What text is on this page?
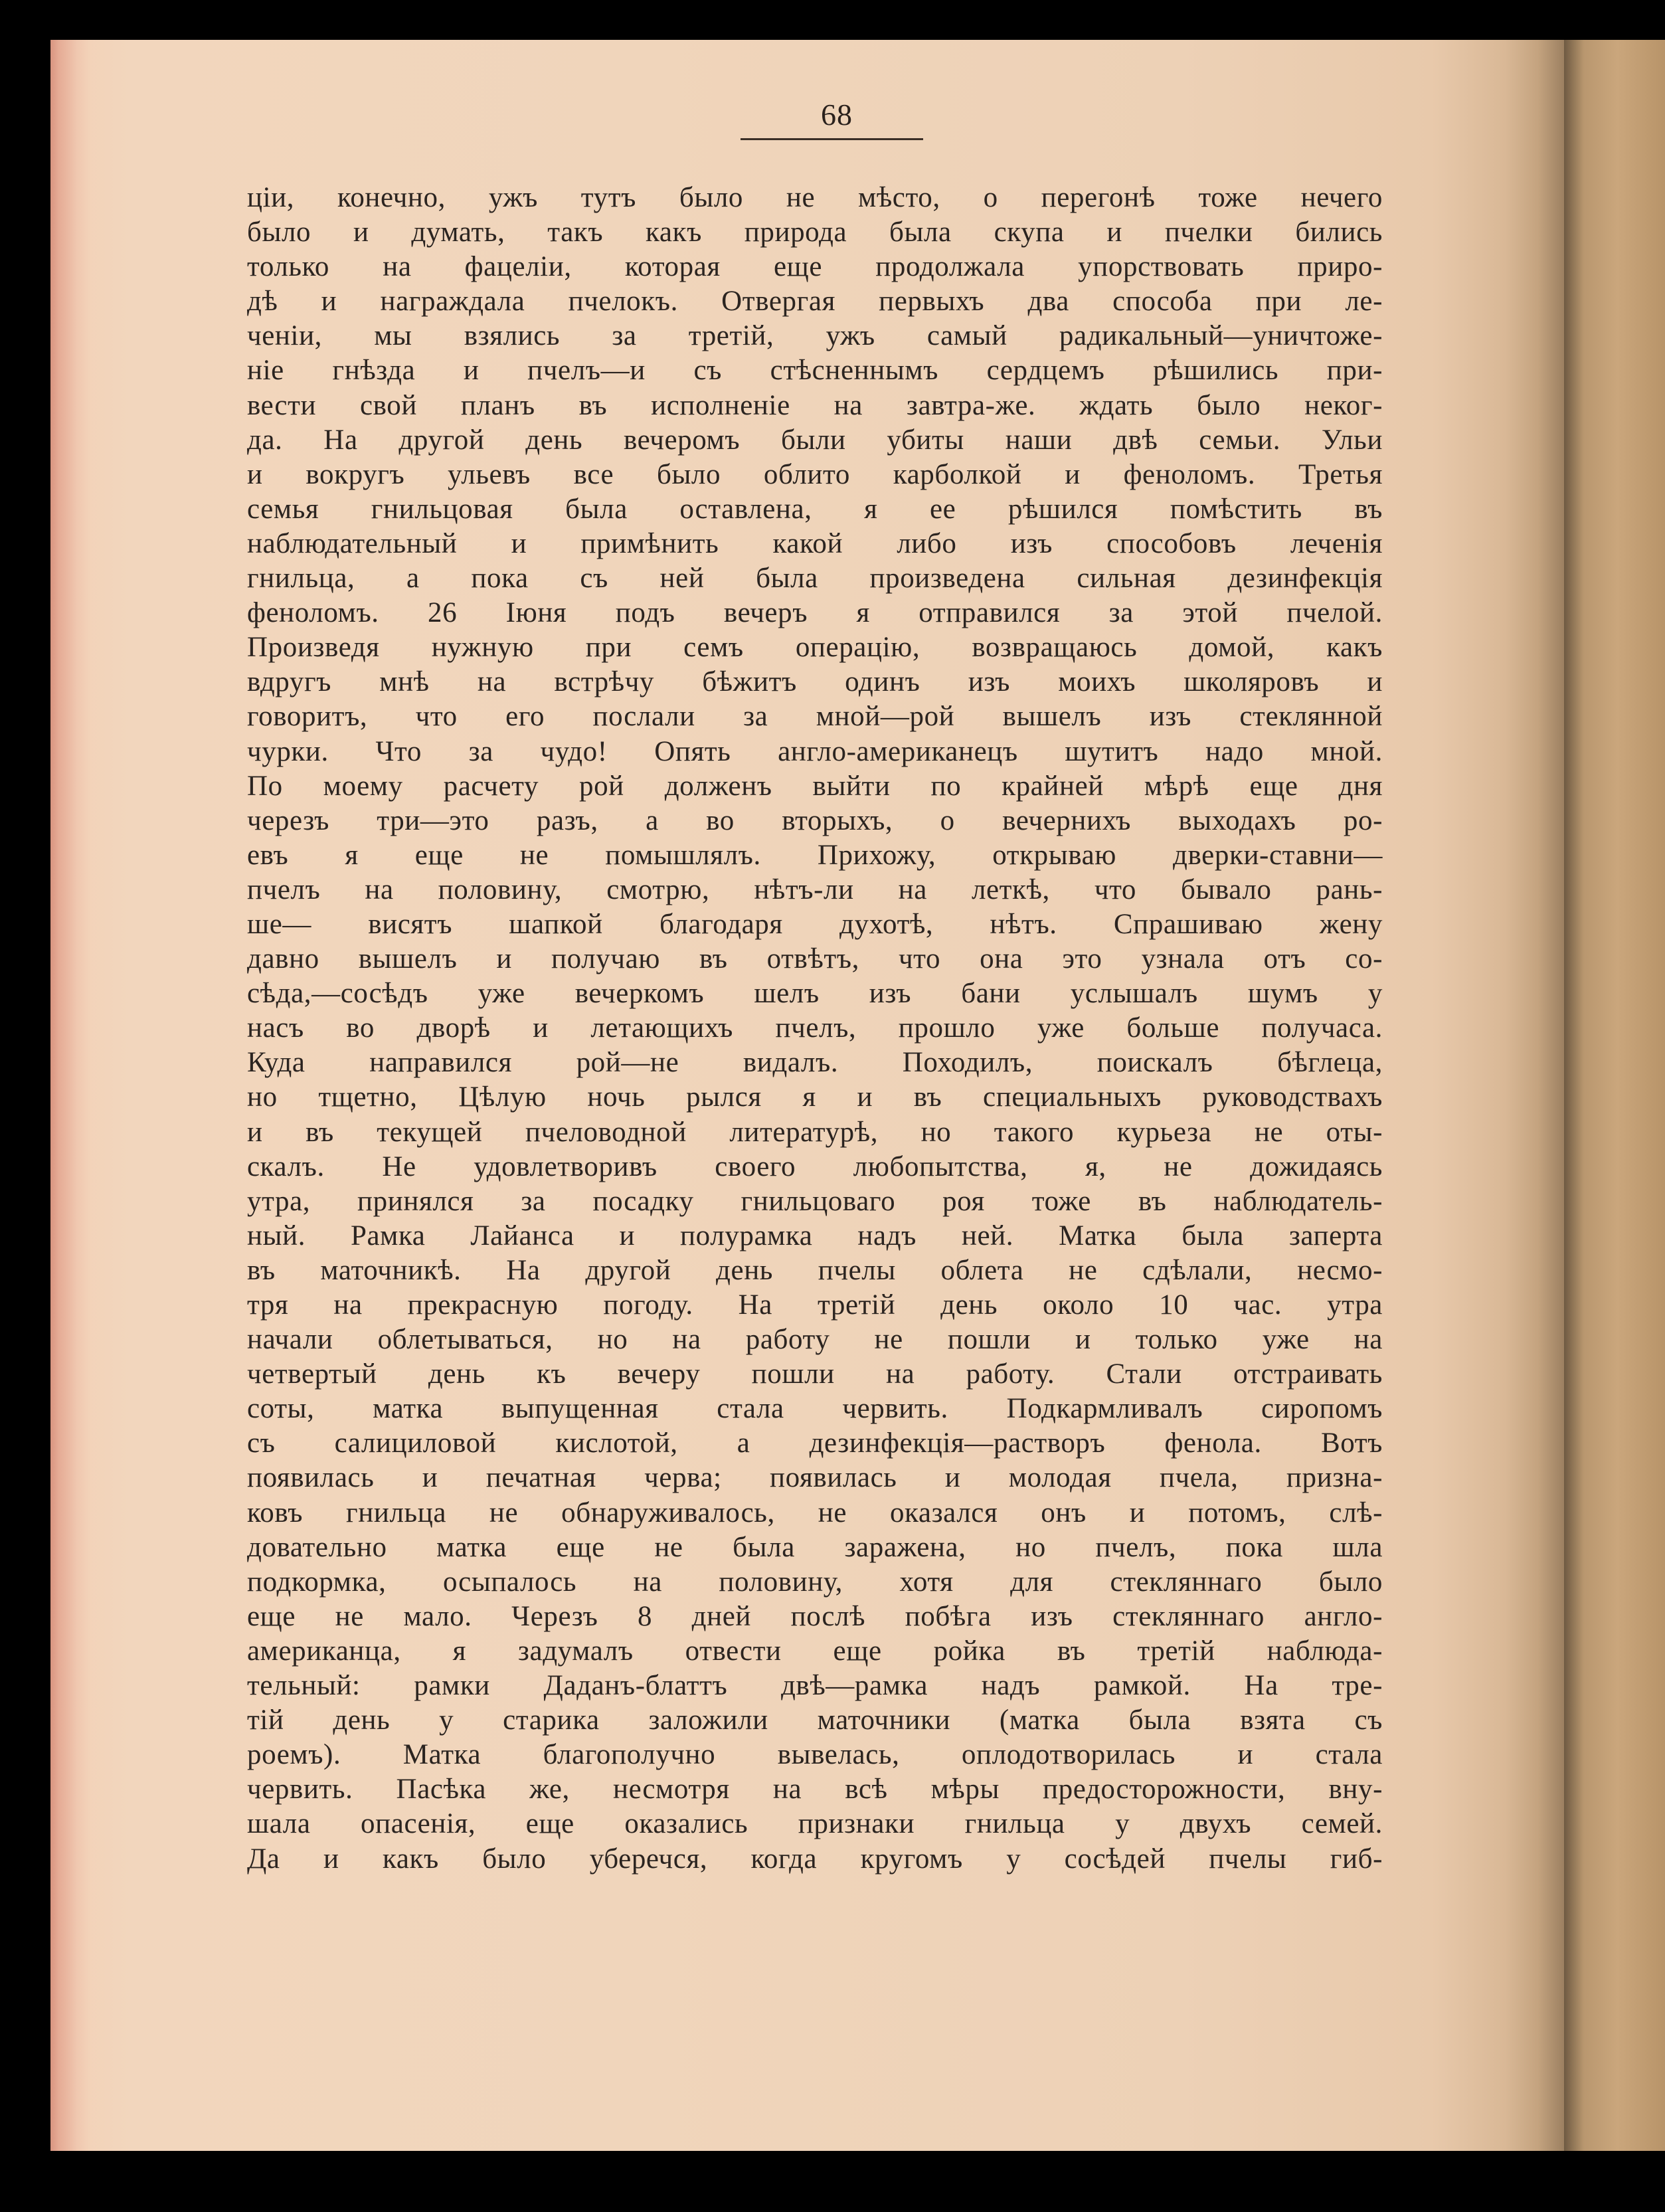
68
ціи, конечно, ужъ тутъ было не мѣсто, о перегонѣ тоже нечего
было и думать, такъ какъ природа была скупа и пчелки бились
только на фацеліи, которая еще продолжала упорствовать приро-
дѣ и награждала пчелокъ. Отвергая первыхъ два способа при ле-
ченіи, мы взялись за третій, ужъ самый радикальный—уничтоже-
ніе гнѣзда и пчелъ—и съ стѣсненнымъ сердцемъ рѣшились при-
вести свой планъ въ исполненіе на завтра-же. ждать было неког-
да. На другой день вечеромъ были убиты наши двѣ семьи. Ульи
и вокругъ ульевъ все было облито карболкой и феноломъ. Третья
семья гнильцовая была оставлена, я ее рѣшился помѣстить въ
наблюдательный и примѣнить какой либо изъ способовъ леченія
гнильца, а пока съ ней была произведена сильная дезинфекція
феноломъ. 26 Іюня подъ вечеръ я отправился за этой пчелой.
Произведя нужную при семъ операцію, возвращаюсь домой, какъ
вдругъ мнѣ на встрѣчу бѣжитъ одинъ изъ моихъ школяровъ и
говоритъ, что его послали за мной—рой вышелъ изъ стеклянной
чурки. Что за чудо! Опять англо-американецъ шутитъ надо мной.
По моему расчету рой долженъ выйти по крайней мѣрѣ еще дня
черезъ три—это разъ, а во вторыхъ, о вечернихъ выходахъ ро-
евъ я еще не помышлялъ. Прихожу, открываю дверки-ставни—
пчелъ на половину, смотрю, нѣтъ-ли на леткѣ, что бывало рань-
ше— висятъ шапкой благодаря духотѣ, нѣтъ. Спрашиваю жену
давно вышелъ и получаю въ отвѣтъ, что она это узнала отъ со-
сѣда,—сосѣдъ уже вечеркомъ шелъ изъ бани услышалъ шумъ у
насъ во дворѣ и летающихъ пчелъ, прошло уже больше получаса.
Куда направился рой—не видалъ. Походилъ, поискалъ бѣглеца,
но тщетно, Цѣлую ночь рылся я и въ специальныхъ руководствахъ
и въ текущей пчеловодной литературѣ, но такого курьеза не оты-
скалъ. Не удовлетворивъ своего любопытства, я, не дожидаясь
утра, принялся за посадку гнильцоваго роя тоже въ наблюдатель-
ный. Рамка Лайанса и полурамка надъ ней. Матка была заперта
въ маточникѣ. На другой день пчелы облета не сдѣлали, несмо-
тря на прекрасную погоду. На третій день около 10 час. утра
начали облетываться, но на работу не пошли и только уже на
четвертый день къ вечеру пошли на работу. Стали отстраивать
соты, матка выпущенная стала червить. Подкармливалъ сиропомъ
съ салициловой кислотой, а дезинфекція—растворъ фенола. Вотъ
появилась и печатная черва; появилась и молодая пчела, призна-
ковъ гнильца не обнаруживалось, не оказался онъ и потомъ, слѣ-
довательно матка еще не была заражена, но пчелъ, пока шла
подкормка, осыпалось на половину, хотя для стекляннаго было
еще не мало. Черезъ 8 дней послѣ побѣга изъ стекляннаго англо-
американца, я задумалъ отвести еще ройка въ третій наблюда-
тельный: рамки Даданъ-блаттъ двѣ—рамка надъ рамкой. На тре-
тій день у старика заложили маточники (матка была взята съ
роемъ). Матка благополучно вывелась, оплодотворилась и стала
червить. Пасѣка же, несмотря на всѣ мѣры предосторожности, вну-
шала опасенія, еще оказались признаки гнильца у двухъ семей.
Да и какъ было уберечся, когда кругомъ у сосѣдей пчелы гиб-
